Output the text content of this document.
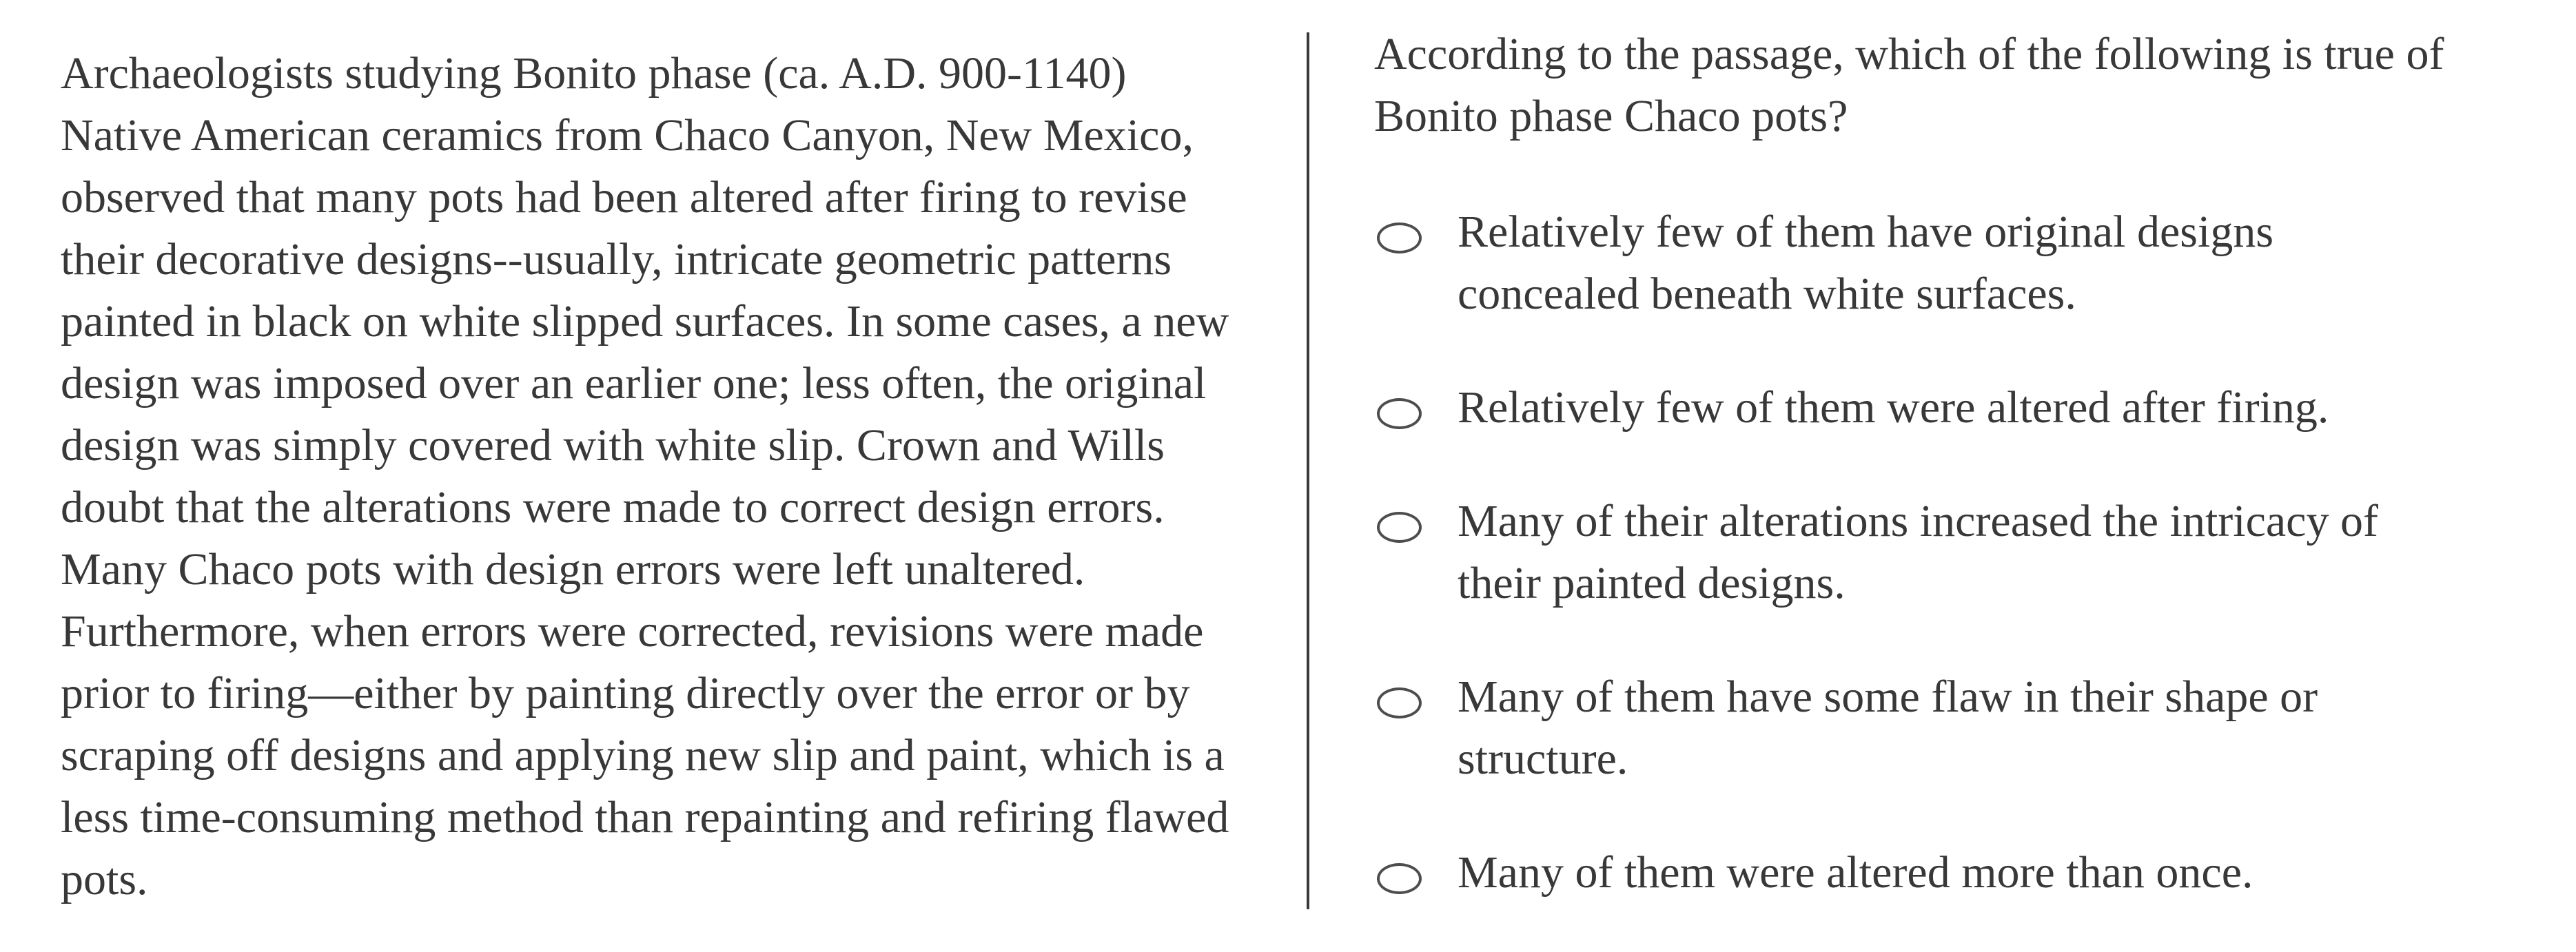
Archaeologists studying Bonito phase (ca. A.D. 900-1140) Native American ceramics from Chaco Canyon, New Mexico, observed that many pots had been altered after firing to revise their decorative designs--usually, intricate geometric patterns painted in black on white slipped surfaces. In some cases, a new design was imposed over an earlier one; less often, the original design was simply covered with white slip. Crown and Wills doubt that the alterations were made to correct design errors. Many Chaco pots with design errors were left unaltered. Furthermore, when errors were corrected, revisions were made prior to firing—either by painting directly over the error or by scraping off designs and applying new slip and paint, which is a less time-consuming method than repainting and refiring flawed pots.
According to the passage, which of the following is true of Bonito phase Chaco pots?
Relatively few of them have original designs concealed beneath white surfaces.
Relatively few of them were altered after firing.
Many of their alterations increased the intricacy of their painted designs.
Many of them have some flaw in their shape or structure.
Many of them were altered more than once.
